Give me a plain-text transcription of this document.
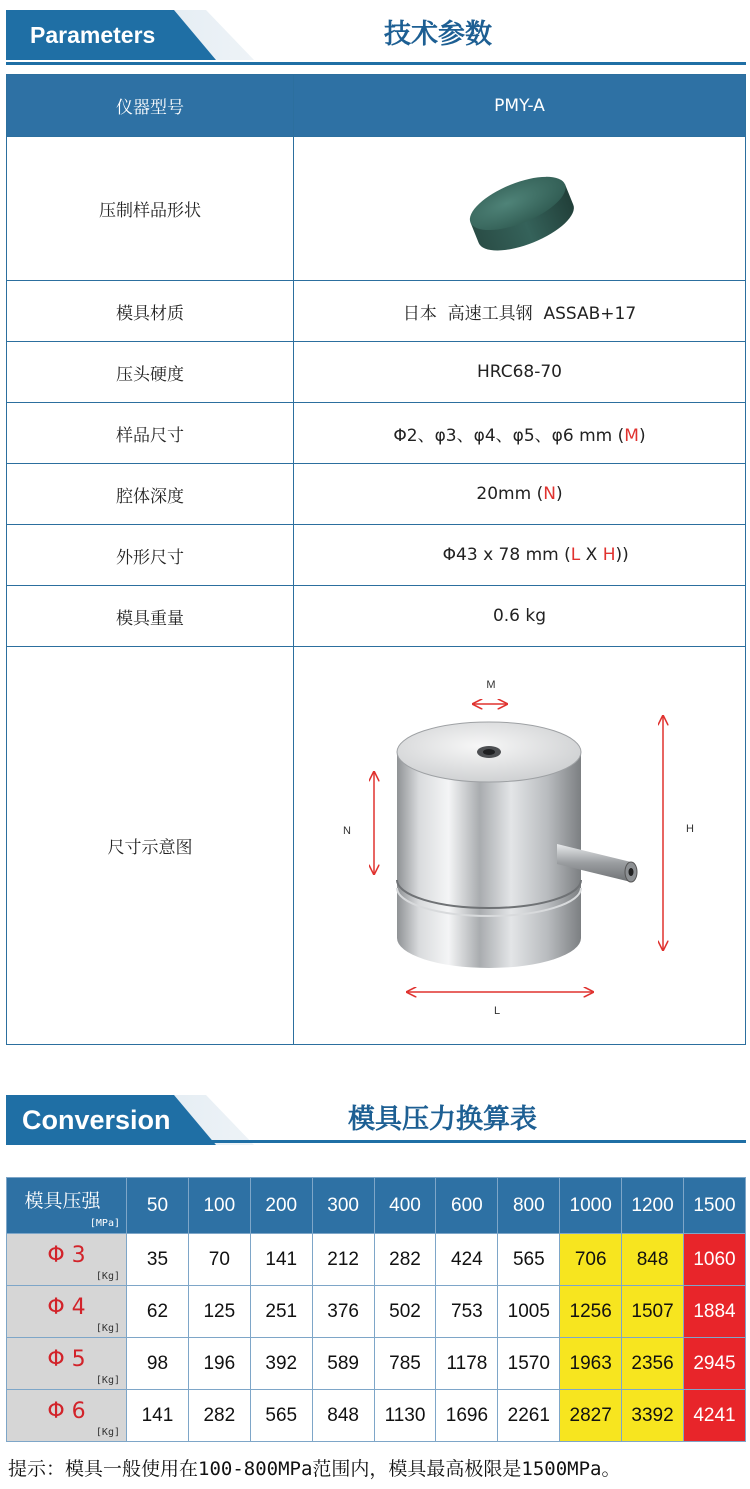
Parameters	技术参数
仪器型号	PMY-A
压制样品形状	

模具材质	日本  高速工具钢  ASSAB+17
压头硬度	HRC68-70
样品尺寸	Φ2、φ3、φ4、φ5、φ6 mm (M)
腔体深度	20mm (N)
外形尺寸	Φ43 x 78 mm (L X H))

模具重量	0.6 kg
尺寸示意图	M
N H
L
Conversion	模具压力换算表
模具压强
[MPa]	50	100	200	300	400	600	800	1000	1200	1500
Φ 3
[Kg]	35	70	141	212	282	424	565	706	848	1060
Φ 4
[Kg]	62	125	251	376	502	753	1005	1256	1507	1884
Φ 5
[Kg]	98	196	392	589	785	1178	1570	1963	2356	2945
Φ 6
[Kg]	141	282	565	848	1130	1696	2261	2827	3392	4241
提示：模具一般使用在100-800MPa范围内，模具最高极限是1500MPa。
